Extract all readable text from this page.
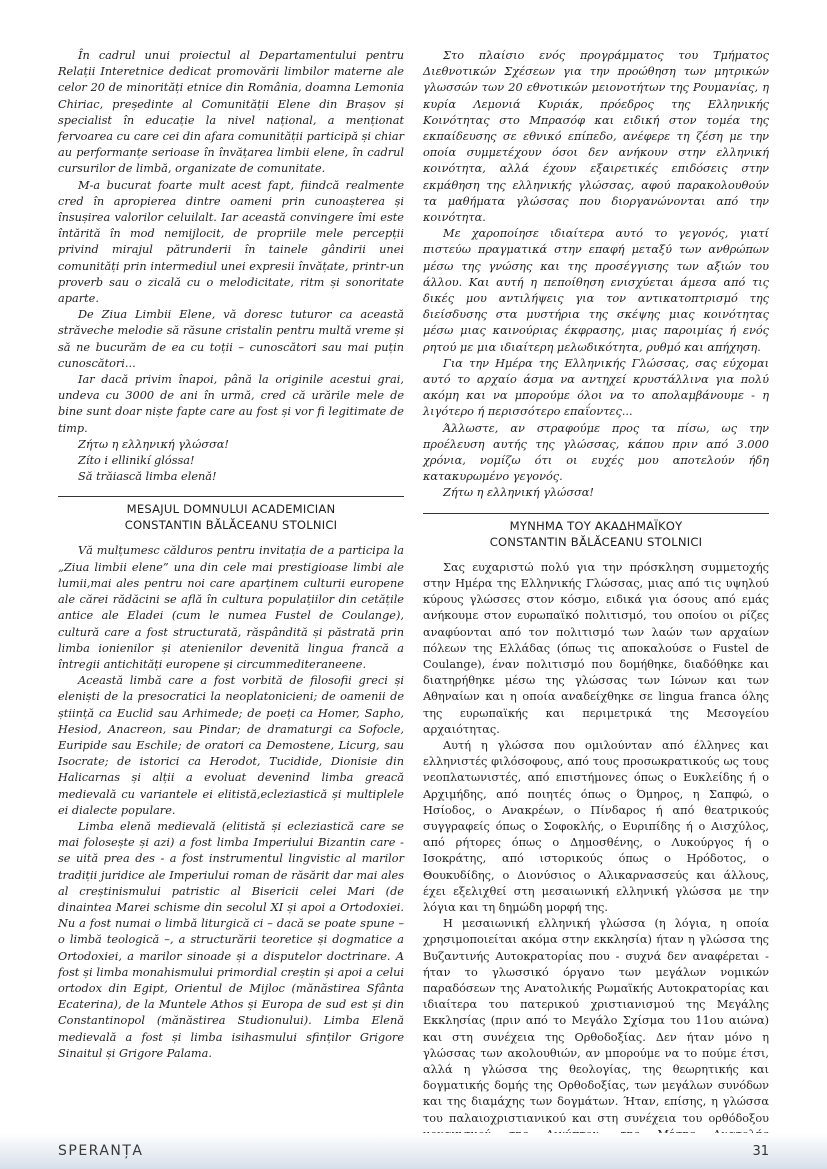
În cadrul unui proiectul al Departamentului pentru Relații Interetnice dedicat promovării limbilor materne ale celor 20 de minorități etnice din România, doamna Lemonia Chiriac, președinte al Comunității Elene din Brașov și specialist în educație la nivel național, a menționat fervoarea cu care cei din afara comunității participă și chiar au performanțe serioase în învățarea limbii elene, în cadrul cursurilor de limbă, organizate de comunitate.

M-a bucurat foarte mult acest fapt, fiindcă realmente cred în apropierea dintre oameni prin cunoașterea și însușirea valorilor celuilalt. Iar această convingere îmi este întărită în mod nemijlocit, de propriile mele percepții privind mirajul pătrunderii în tainele gândirii unei comunități prin intermediul unei expresii învățate, printr-un proverb sau o zicală cu o melodicitate, ritm și sonoritate aparte.

De Ziua Limbii Elene, vă doresc tuturor ca această străveche melodie să răsune cristalin pentru multă vreme și să ne bucurăm de ea cu toții – cunoscători sau mai puțin cunoscători...

Iar dacă privim înapoi, până la originile acestui grai, undeva cu 3000 de ani în urmă, cred că urările mele de bine sunt doar niște fapte care au fost și vor fi legitimate de timp.

Ζήτω η ελληνική γλώσσα!

Zíto i ellinikí glóssa!

Să trăiască limba elenă!

MESAJUL DOMNULUI ACADEMICIAN
CONSTANTIN BĂLĂCEANU STOLNICI

Vă mulțumesc călduros pentru invitația de a participa la „Ziua limbii elene” una din cele mai prestigioase limbi ale lumii,mai ales pentru noi care aparținem culturii europene ale cărei rădăcini se află în cultura populațiilor din cetățile antice ale Eladei (cum le numea Fustel de Coulange), cultură care a fost structurată, răspândită și păstrată prin limba ionienilor și atenienilor devenită lingua francă a întregii antichități europene și circummediteraneene.

Această limbă care a fost vorbită de filosofii greci și eleniști de la presocratici la neoplatonicieni; de oamenii de știință ca Euclid sau Arhimede; de poeți ca Homer, Sapho, Hesiod, Anacreon, sau Pindar; de dramaturgi ca Sofocle, Euripide sau Eschile; de oratori ca Demostene, Licurg, sau Isocrate; de istorici ca Herodot, Tucidide, Dionisie din Halicarnas și alții a evoluat devenind limba greacă medievală cu variantele ei elitistă,ecleziastică și multiplele ei dialecte populare.

Limba elenă medievală (elitistă și ecleziastică care se mai folosește și azi) a fost limba Imperiului Bizantin care - se uită prea des - a fost instrumentul lingvistic al marilor tradiții juridice ale Imperiului roman de răsărit dar mai ales al creștinismului patristic al Bisericii celei Mari (de dinaintea Marei schisme din secolul XI și apoi a Ortodoxiei. Nu a fost numai o limbă liturgică ci – dacă se poate spune – o limbă teologică –, a structurării teoretice și dogmatice a Ortodoxiei, a marilor sinoade și a disputelor doctrinare. A fost și limba monahismului primordial creștin și apoi a celui ortodox din Egipt, Orientul de Mijloc (mănăstirea Sfânta Ecaterina), de la Muntele Athos și Europa de sud est și din Constantinopol (mănăstirea Studionului). Limba Elenă medievală a fost și limba isihasmului sfinților Grigore Sinaitul și Grigore Palama.

Στο πλαίσιο ενός προγράμματος του Τμήματος Διεθνοτικών Σχέσεων για την προώθηση των μητρικών γλωσσών των 20 εθνοτικών μειονοτήτων της Ρουμανίας, η κυρία Λεμονιά Κυριάκ, πρόεδρος της Ελληνικής Κοινότητας στο Μπρασόφ και ειδική στον τομέα της εκπαίδευσης σε εθνικό επίπεδο, ανέφερε τη ζέση με την οποία συμμετέχουν όσοι δεν ανήκουν στην ελληνική κοινότητα, αλλά έχουν εξαιρετικές επιδόσεις στην εκμάθηση της ελληνικής γλώσσας, αφού παρακολουθούν τα μαθήματα γλώσσας που διοργανώνονται από την κοινότητα.

Με χαροποίησε ιδιαίτερα αυτό το γεγονός, γιατί πιστεύω πραγματικά στην επαφή μεταξύ των ανθρώπων μέσω της γνώσης και της προσέγγισης των αξιών του άλλου. Και αυτή η πεποίθηση ενισχύεται άμεσα από τις δικές μου αντιλήψεις για τον αντικατοπτρισμό της διείσδυσης στα μυστήρια της σκέψης μιας κοινότητας μέσω μιας καινούριας έκφρασης, μιας παροιμίας ή ενός ρητού με μια ιδιαίτερη μελωδικότητα, ρυθμό και απήχηση.

Για την Ημέρα της Ελληνικής Γλώσσας, σας εύχομαι αυτό το αρχαίο άσμα να αντηχεί κρυστάλλινα για πολύ ακόμη και να μπορούμε όλοι να το απολαμβάνουμε - η λιγότερο ή περισσότερο επαΐοντες...

Άλλωστε, αν στραφούμε προς τα πίσω, ως την προέλευση αυτής της γλώσσας, κάπου πριν από 3.000 χρόνια, νομίζω ότι οι ευχές μου αποτελούν ήδη κατακυρωμένο γεγονός.

Ζήτω η ελληνική γλώσσα!

ΜΥΝΗΜΑ ΤΟΥ ΑΚΑΔΗΜΑΪΚΟΥ
CONSTANTIN BĂLĂCEANU STOLNICI

Σας ευχαριστώ πολύ για την πρόσκληση συμμετοχής στην Ημέρα της Ελληνικής Γλώσσας, μιας από τις υψηλού κύρους γλώσσες στον κόσμο, ειδικά για όσους από εμάς ανήκουμε στον ευρωπαϊκό πολιτισμό, του οποίου οι ρίζες αναφύονται από τον πολιτισμό των λαών των αρχαίων πόλεων της Ελλάδας (όπως τις αποκαλούσε ο Fustel de Coulange), έναν πολιτισμό που δομήθηκε, διαδόθηκε και διατηρήθηκε μέσω της γλώσσας των Ιώνων και των Αθηναίων και η οποία αναδείχθηκε σε lingua franca όλης της ευρωπαϊκής και περιμετρικά της Μεσογείου αρχαιότητας.

Αυτή η γλώσσα που ομιλούνταν από έλληνες και ελληνιστές φιλόσοφους, από τους προσωκρατικούς ως τους νεοπλατωνιστές, από επιστήμονες όπως ο Ευκλείδης ή ο Αρχιμήδης, από ποιητές όπως ο Όμηρος, η Σαπφώ, ο Ησίοδος, ο Ανακρέων, ο Πίνδαρος ή από θεατρικούς συγγραφείς όπως ο Σοφοκλής, ο Ευριπίδης ή ο Αισχύλος, από ρήτορες όπως ο Δημοσθένης, ο Λυκούργος ή ο Ισοκράτης, από ιστορικούς όπως ο Ηρόδοτος, ο Θουκυδίδης, ο Διονύσιος ο Αλικαρνασσεύς και άλλους, έχει εξελιχθεί στη μεσαιωνική ελληνική γλώσσα με την λόγια και τη δημώδη μορφή της.

Η μεσαιωνική ελληνική γλώσσα (η λόγια, η οποία χρησιμοποιείται ακόμα στην εκκλησία) ήταν η γλώσσα της Βυζαντινής Αυτοκρατορίας που - συχνά δεν αναφέρεται - ήταν το γλωσσικό όργανο των μεγάλων νομικών παραδόσεων της Ανατολικής Ρωμαϊκής Αυτοκρατορίας και ιδιαίτερα του πατερικού χριστιανισμού της Μεγάλης Εκκλησίας (πριν από το Μεγάλο Σχίσμα του 11ου αιώνα) και στη συνέχεια της Ορθοδοξίας. Δεν ήταν μόνο η γλώσσας των ακολουθιών, αν μπορούμε να το πούμε έτσι, αλλά η γλώσσα της θεολογίας, της θεωρητικής και δογματικής δομής της Ορθοδοξίας, των μεγάλων συνόδων και της διαμάχης των δογμάτων. Ήταν, επίσης, η γλώσσα του παλαιοχριστιανικού και στη συνέχεια του ορθόδοξου

SPERANȚA	31
